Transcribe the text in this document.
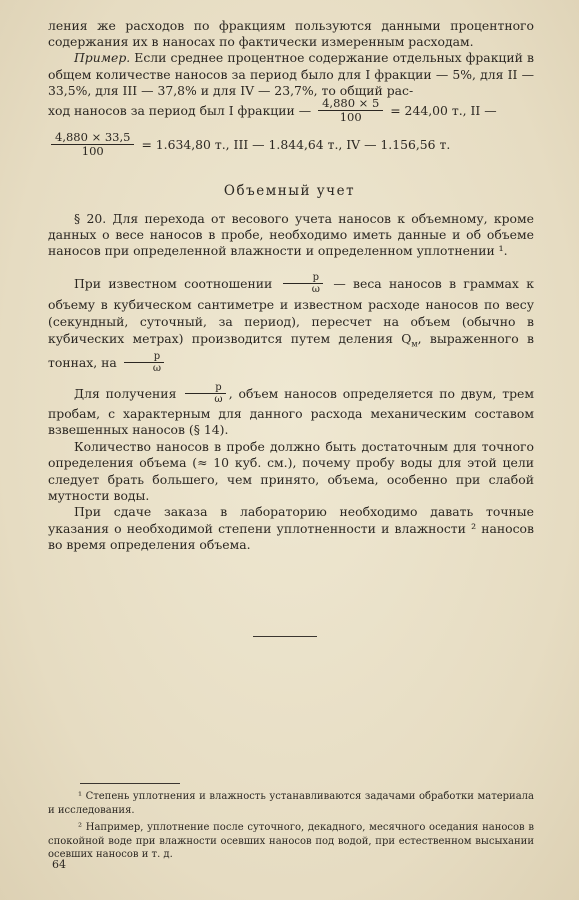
ления же расходов по фракциям пользуются данными процентного содержания их в наносах по фактически измеренным расходам.

Пример. Если среднее процентное содержание отдельных фракций в общем количестве наносов за период было для I фракции — 5%, для II — 33,5%, для III — 37,8% и для IV — 23,7%, то общий рас-

ход наносов за период был I фракции — $\frac{4,880 \times 5}{100} = 244,00$ т., II —
$\frac{4,880 \times 33,5}{100} = 1.634,80$ т., III — 1.844,64 т., IV — 1.156,56 т.
Объемный учет

§ 20. Для перехода от весового учета наносов к объемному, кроме данных о весе наносов в пробе, необходимо иметь данные и об объеме наносов при определенной влажности и определенном уплотнении ¹.

При известном соотношении $\frac{p}{\omega}$ — веса наносов в граммах к объему в кубическом сантиметре и известном расходе наносов по весу (секундный, суточный, за период), пересчет на объем (обычно в кубических метрах) производится путем деления $Q_м$, выраженного в тоннах, на $\frac{p}{\omega}$

Для получения $\frac{p}{\omega}$ , объем наносов определяется по двум, трем пробам, с характерным для данного расхода механическим составом взвешенных наносов (§ 14).

Количество наносов в пробе должно быть достаточным для точного определения объема (≈ 10 куб. см.), почему пробу воды для этой цели следует брать большего, чем принято, объема, особенно при слабой мутности воды.

При сдаче заказа в лабораторию необходимо давать точные указания о необходимой степени уплотненности и влажности ² наносов во время определения объема.

¹ Степень уплотнения и влажность устанавливаются задачами обработки материала и исследования.

² Например, уплотнение после суточного, декадного, месячного оседания наносов в спокойной воде при влажности осевших наносов под водой, при естественном высыхании осевших наносов и т. д.

64
